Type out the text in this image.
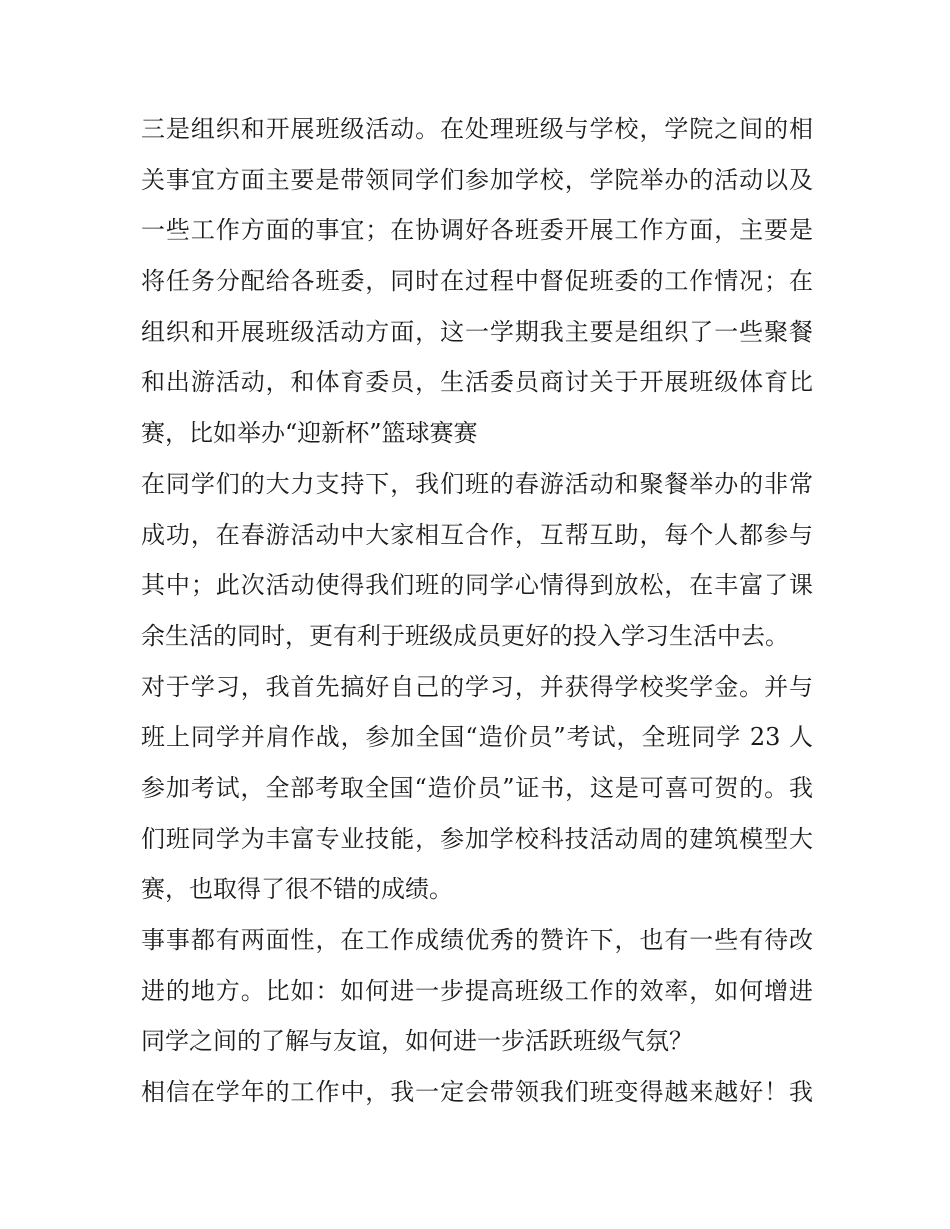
三是组织和开展班级活动。在处理班级与学校，学院之间的相
关事宜方面主要是带领同学们参加学校，学院举办的活动以及
一些工作方面的事宜；在协调好各班委开展工作方面，主要是
将任务分配给各班委，同时在过程中督促班委的工作情况；在
组织和开展班级活动方面，这一学期我主要是组织了一些聚餐
和出游活动，和体育委员，生活委员商讨关于开展班级体育比
赛，比如举办“迎新杯”篮球赛赛
在同学们的大力支持下，我们班的春游活动和聚餐举办的非常
成功，在春游活动中大家相互合作，互帮互助，每个人都参与
其中；此次活动使得我们班的同学心情得到放松，在丰富了课
余生活的同时，更有利于班级成员更好的投入学习生活中去。
对于学习，我首先搞好自己的学习，并获得学校奖学金。并与
班上同学并肩作战，参加全国“造价员”考试，全班同学 23 人
参加考试，全部考取全国“造价员”证书，这是可喜可贺的。我
们班同学为丰富专业技能，参加学校科技活动周的建筑模型大
赛，也取得了很不错的成绩。
事事都有两面性，在工作成绩优秀的赞许下，也有一些有待改
进的地方。比如：如何进一步提高班级工作的效率，如何增进
同学之间的了解与友谊，如何进一步活跃班级气氛？
相信在学年的工作中，我一定会带领我们班变得越来越好！我
